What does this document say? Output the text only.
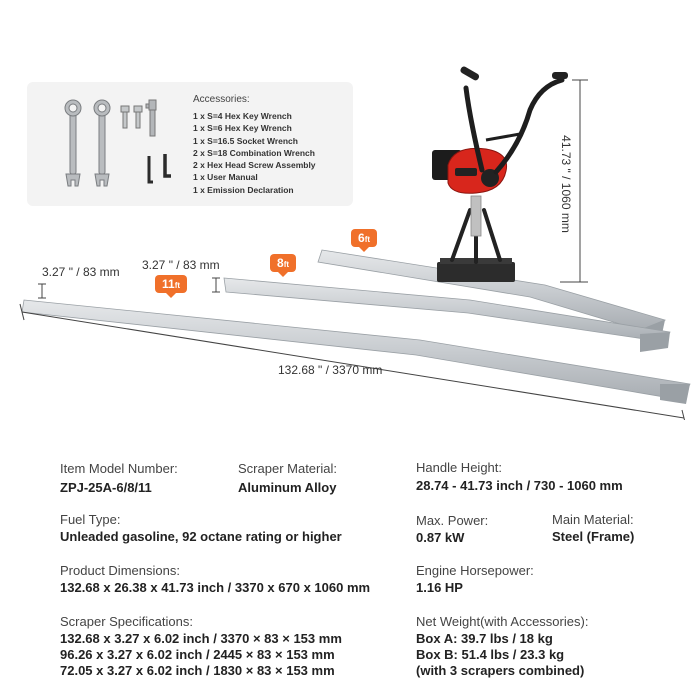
Accessories:
1 x S=4 Hex Key Wrench
1 x S=6 Hex Key Wrench
1 x S=16.5 Socket Wrench
2 x S=18 Combination Wrench
2 x Hex Head Screw Assembly
1 x User Manual
1 x Emission Declaration	41.73 " / 1060 mm
3.27 " / 83 mm 3.27 " / 83 mm
132.68 " / 3370 mm
6ft
8ft
11ft
Item Model Number:
ZPJ-25A-6/8/11
Scraper Material:
Aluminum Alloy
Handle Height:
28.74 - 41.73 inch / 730 - 1060 mm
Fuel Type:
Unleaded gasoline, 92 octane rating or higher
Max. Power:
0.87 kW
Main Material:
Steel (Frame)
Product Dimensions:
132.68 x 26.38 x 41.73 inch / 3370 x 670 x 1060 mm
Engine Horsepower:
1.16 HP
Scraper Specifications:
132.68 x 3.27 x 6.02 inch / 3370 × 83 × 153 mm
96.26 x 3.27 x 6.02 inch / 2445 × 83 × 153 mm
72.05 x 3.27 x 6.02 inch / 1830 × 83 × 153 mm
Net Weight(with Accessories):
Box A: 39.7 lbs / 18 kg
Box B: 51.4 lbs / 23.3 kg
(with 3 scrapers combined)
